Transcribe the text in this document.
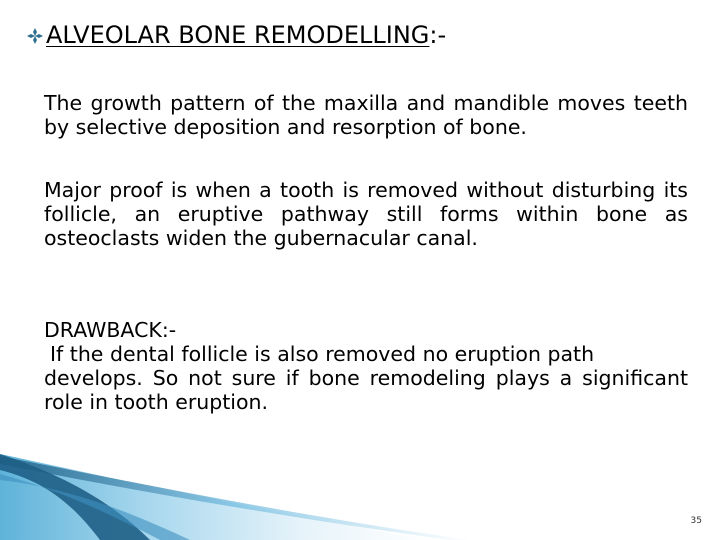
ALVEOLAR BONE REMODELLING:-
The growth pattern of the maxilla and mandible moves teeth by selective deposition and resorption of bone.
Major proof is when a tooth is removed without disturbing its follicle, an eruptive pathway still forms within bone as osteoclasts widen the gubernacular canal.
DRAWBACK:-
If the dental follicle is also removed no eruption path
develops. So not sure if bone remodeling plays a significant role in tooth eruption.
35
